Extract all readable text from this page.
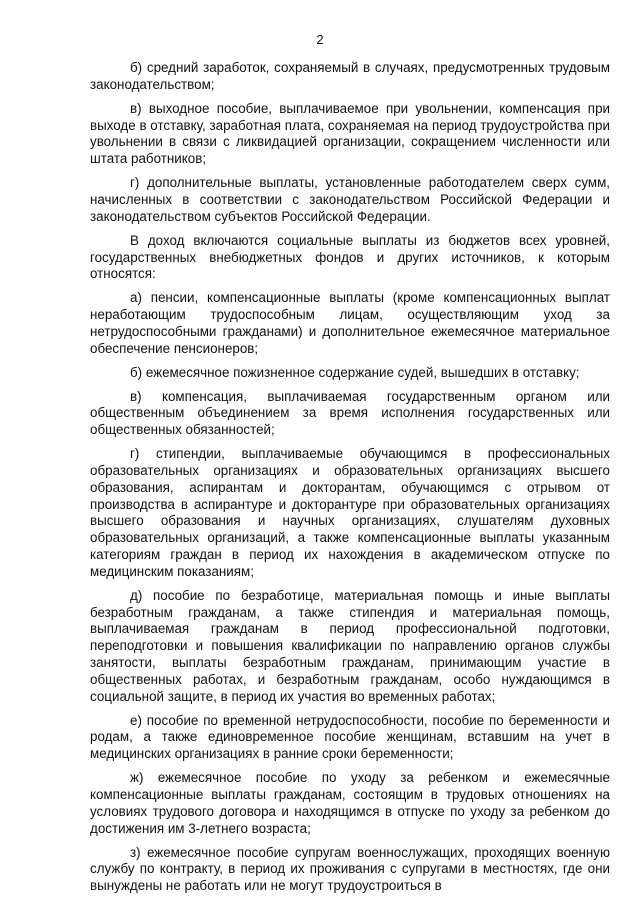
2

б) средний заработок, сохраняемый в случаях, предусмотренных трудовым законодательством;

в) выходное пособие, выплачиваемое при увольнении, компенсация при выходе в отставку, заработная плата, сохраняемая на период трудоустройства при увольнении в связи с ликвидацией организации, сокращением численности или штата работников;

г) дополнительные выплаты, установленные работодателем сверх сумм, начисленных в соответствии с законодательством Российской Федерации и законодательством субъектов Российской Федерации.

В доход включаются социальные выплаты из бюджетов всех уровней, государственных внебюджетных фондов и других источников, к которым относятся:

а) пенсии, компенсационные выплаты (кроме компенсационных выплат неработающим трудоспособным лицам, осуществляющим уход за нетрудоспособными гражданами) и дополнительное ежемесячное материальное обеспечение пенсионеров;

б) ежемесячное пожизненное содержание судей, вышедших в отставку;

в) компенсация, выплачиваемая государственным органом или общественным объединением за время исполнения государственных или общественных обязанностей;

г) стипендии, выплачиваемые обучающимся в профессиональных образовательных организациях и образовательных организациях высшего образования, аспирантам и докторантам, обучающимся с отрывом от производства в аспирантуре и докторантуре при образовательных организациях высшего образования и научных организациях, слушателям духовных образовательных организаций, а также компенсационные выплаты указанным категориям граждан в период их нахождения в академическом отпуске по медицинским показаниям;

д) пособие по безработице, материальная помощь и иные выплаты безработным гражданам, а также стипендия и материальная помощь, выплачиваемая гражданам в период профессиональной подготовки, переподготовки и повышения квалификации по направлению органов службы занятости, выплаты безработным гражданам, принимающим участие в общественных работах, и безработным гражданам, особо нуждающимся в социальной защите, в период их участия во временных работах;

е) пособие по временной нетрудоспособности, пособие по беременности и родам, а также единовременное пособие женщинам, вставшим на учет в медицинских организациях в ранние сроки беременности;

ж) ежемесячное пособие по уходу за ребенком и ежемесячные компенсационные выплаты гражданам, состоящим в трудовых отношениях на условиях трудового договора и находящимся в отпуске по уходу за ребенком до достижения им 3-летнего возраста;

з) ежемесячное пособие супругам военнослужащих, проходящих военную службу по контракту, в период их проживания с супругами в местностях, где они вынуждены не работать или не могут трудоустроиться в
